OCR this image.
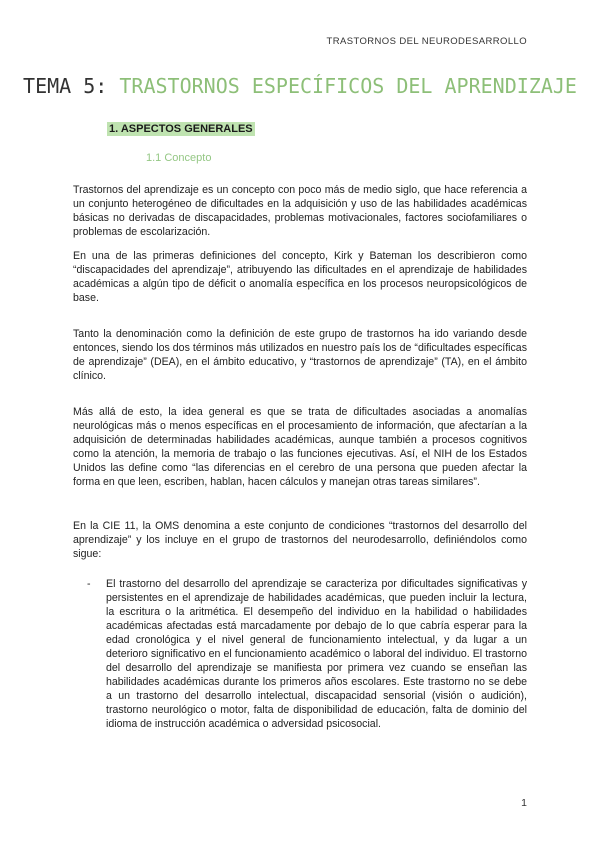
TRASTORNOS DEL NEURODESARROLLO
TEMA 5: TRASTORNOS ESPECÍFICOS DEL APRENDIZAJE
1. ASPECTOS GENERALES
1.1 Concepto

Trastornos del aprendizaje es un concepto con poco más de medio siglo, que hace referencia a un conjunto heterogéneo de dificultades en la adquisición y uso de las habilidades académicas básicas no derivadas de discapacidades, problemas motivacionales, factores sociofamiliares o problemas de escolarización.

En una de las primeras definiciones del concepto, Kirk y Bateman los describieron como “discapacidades del aprendizaje”, atribuyendo las dificultades en el aprendizaje de habilidades académicas a algún tipo de déficit o anomalía específica en los procesos neuropsicológicos de base.

Tanto la denominación como la definición de este grupo de trastornos ha ido variando desde entonces, siendo los dos términos más utilizados en nuestro país los de “dificultades específicas de aprendizaje” (DEA), en el ámbito educativo, y “trastornos de aprendizaje” (TA), en el ámbito clínico.

Más allá de esto, la idea general es que se trata de dificultades asociadas a anomalías neurológicas más o menos específicas en el procesamiento de información, que afectarían a la adquisición de determinadas habilidades académicas, aunque también a procesos cognitivos como la atención, la memoria de trabajo o las funciones ejecutivas. Así, el NIH de los Estados Unidos las define como “las diferencias en el cerebro de una persona que pueden afectar la forma en que leen, escriben, hablan, hacen cálculos y manejan otras tareas similares”.

En la CIE 11, la OMS denomina a este conjunto de condiciones “trastornos del desarrollo del aprendizaje” y los incluye en el grupo de trastornos del neurodesarrollo, definiéndolos como sigue:

-	El trastorno del desarrollo del aprendizaje se caracteriza por dificultades significativas y persistentes en el aprendizaje de habilidades académicas, que pueden incluir la lectura, la escritura o la aritmética. El desempeño del individuo en la habilidad o habilidades académicas afectadas está marcadamente por debajo de lo que cabría esperar para la edad cronológica y el nivel general de funcionamiento intelectual, y da lugar a un deterioro significativo en el funcionamiento académico o laboral del individuo. El trastorno del desarrollo del aprendizaje se manifiesta por primera vez cuando se enseñan las habilidades académicas durante los primeros años escolares. Este trastorno no se debe a un trastorno del desarrollo intelectual, discapacidad sensorial (visión o audición), trastorno neurológico o motor, falta de disponibilidad de educación, falta de dominio del idioma de instrucción académica o adversidad psicosocial.
1
